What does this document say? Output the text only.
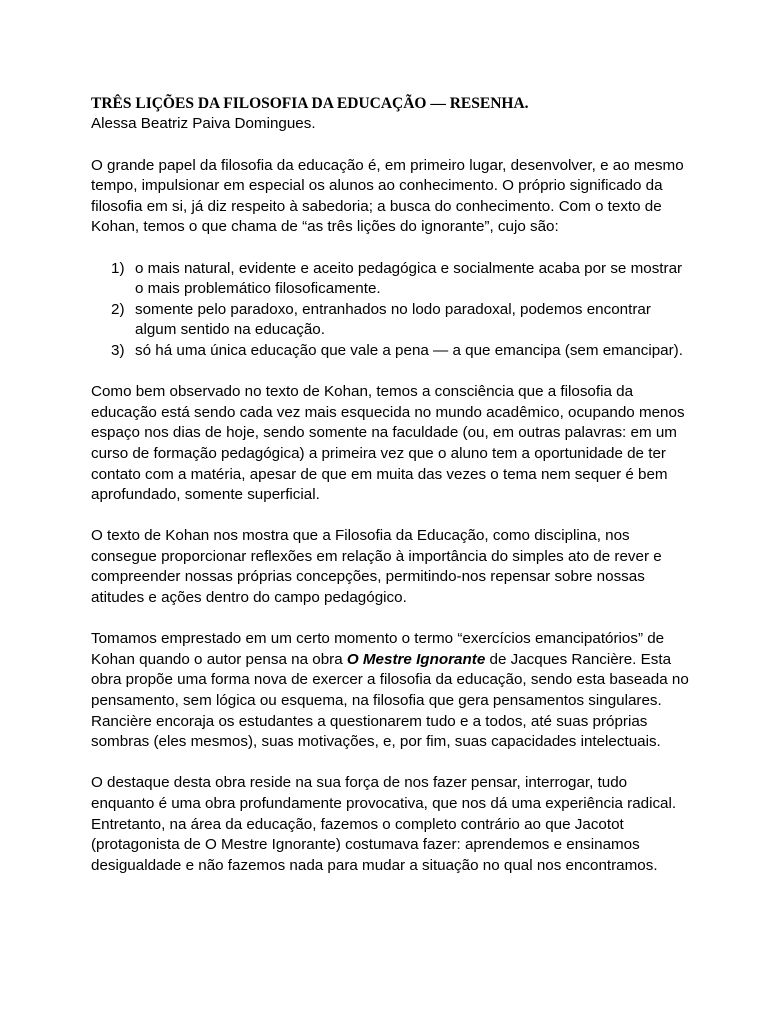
TRÊS LIÇÕES DA FILOSOFIA DA EDUCAÇÃO — RESENHA.

Alessa Beatriz Paiva Domingues.

O grande papel da filosofia da educação é, em primeiro lugar, desenvolver, e ao mesmo tempo, impulsionar em especial os alunos ao conhecimento. O próprio significado da filosofia em si, já diz respeito à sabedoria; a busca do conhecimento. Com o texto de Kohan, temos o que chama de “as três lições do ignorante”, cujo são:

1) o mais natural, evidente e aceito pedagógica e socialmente acaba por se mostrar o mais problemático filosoficamente.
2) somente pelo paradoxo, entranhados no lodo paradoxal, podemos encontrar algum sentido na educação.
3) só há uma única educação que vale a pena — a que emancipa (sem emancipar).

Como bem observado no texto de Kohan, temos a consciência que a filosofia da educação está sendo cada vez mais esquecida no mundo acadêmico, ocupando menos espaço nos dias de hoje, sendo somente na faculdade (ou, em outras palavras: em um curso de formação pedagógica) a primeira vez que o aluno tem a oportunidade de ter contato com a matéria, apesar de que em muita das vezes o tema nem sequer é bem aprofundado, somente superficial.

O texto de Kohan nos mostra que a Filosofia da Educação, como disciplina, nos consegue proporcionar reflexões em relação à importância do simples ato de rever e compreender nossas próprias concepções, permitindo-nos repensar sobre nossas atitudes e ações dentro do campo pedagógico.

Tomamos emprestado em um certo momento o termo “exercícios emancipatórios” de Kohan quando o autor pensa na obra O Mestre Ignorante de Jacques Rancière. Esta obra propõe uma forma nova de exercer a filosofia da educação, sendo esta baseada no pensamento, sem lógica ou esquema, na filosofia que gera pensamentos singulares. Rancière encoraja os estudantes a questionarem tudo e a todos, até suas próprias sombras (eles mesmos), suas motivações, e, por fim, suas capacidades intelectuais.

O destaque desta obra reside na sua força de nos fazer pensar, interrogar, tudo enquanto é uma obra profundamente provocativa, que nos dá uma experiência radical. Entretanto, na área da educação, fazemos o completo contrário ao que Jacotot (protagonista de O Mestre Ignorante) costumava fazer: aprendemos e ensinamos desigualdade e não fazemos nada para mudar a situação no qual nos encontramos.
